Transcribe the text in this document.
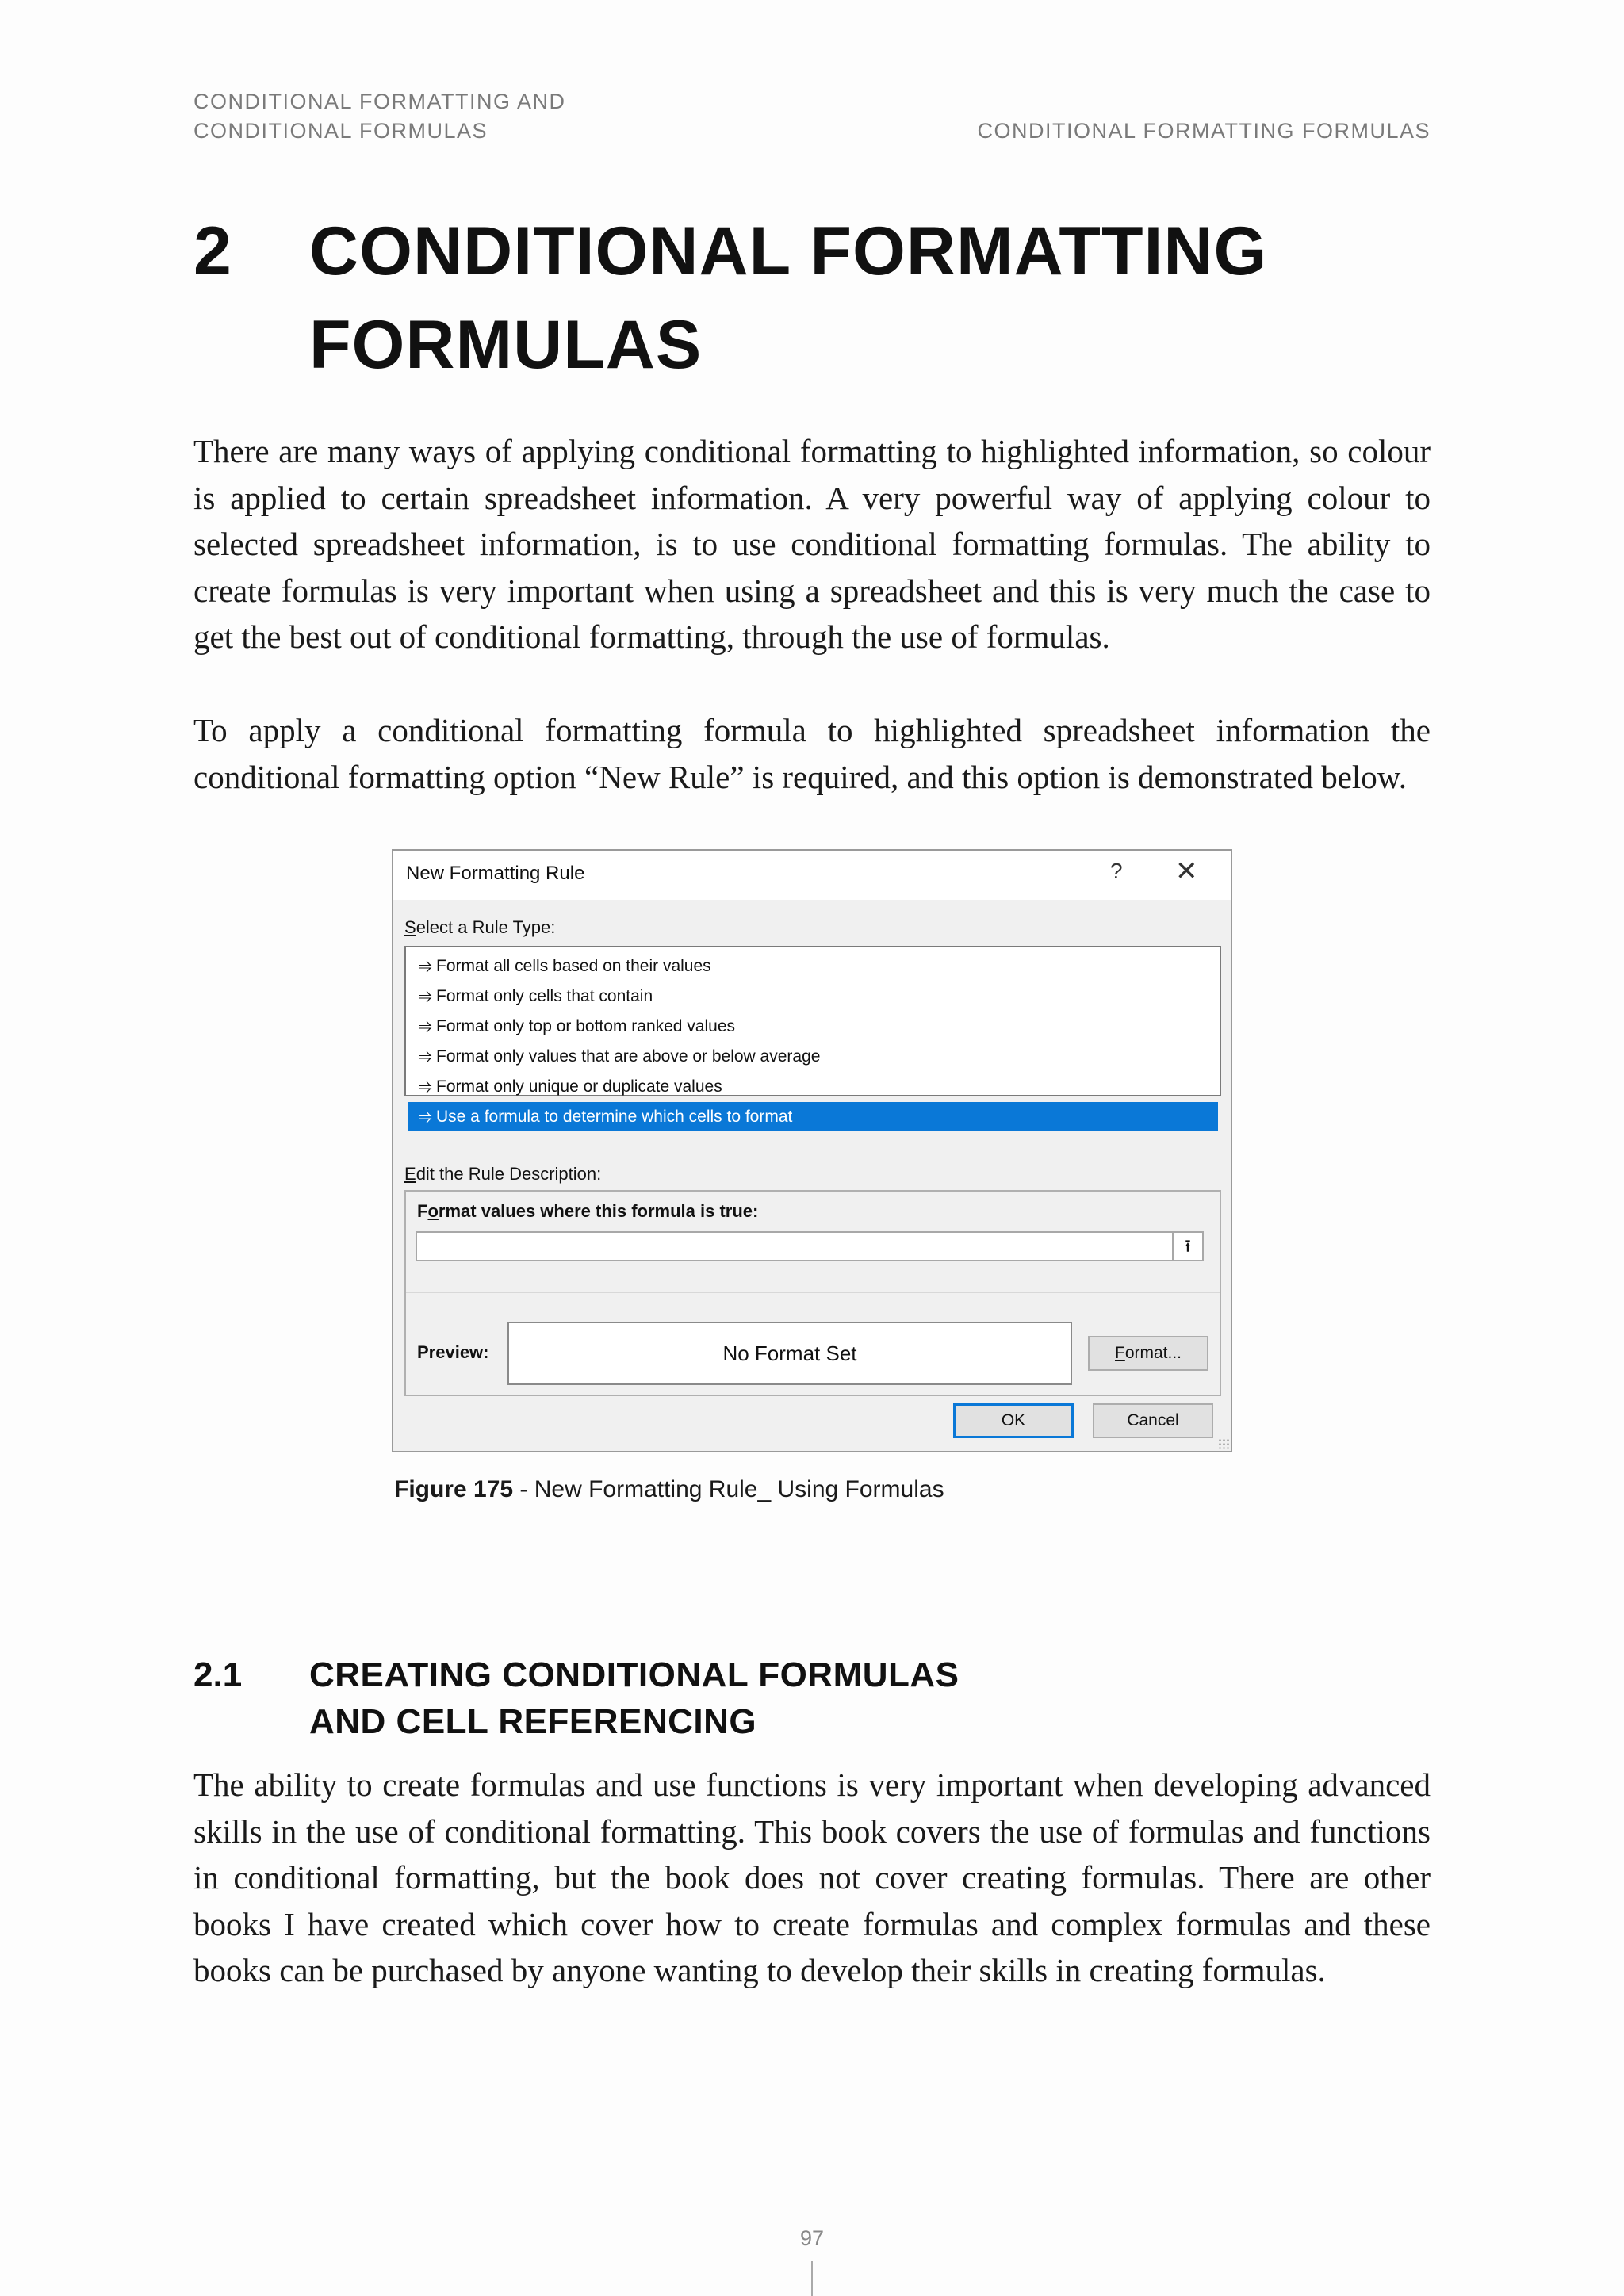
CONDITIONAL FORMATTING AND
CONDITIONAL FORMULAS	CONDITIONAL FORMATTING FORMULAS
2 CONDITIONAL FORMATTING FORMULAS

There are many ways of applying conditional formatting to highlighted information, so colour is applied to certain spreadsheet information. A very powerful way of applying colour to selected spreadsheet information, is to use conditional formatting formulas. The ability to create formulas is very important when using a spreadsheet and this is very much the case to get the best out of conditional formatting, through the use of formulas.

To apply a conditional formatting formula to highlighted spreadsheet information the conditional formatting option “New Rule” is required, and this option is demonstrated below.

New Formatting Rule	? ✕
Select a Rule Type:
⥤ Format all cells based on their values
⥤ Format only cells that contain
⥤ Format only top or bottom ranked values
⥤ Format only values that are above or below average
⥤ Format only unique or duplicate values
⥤ Use a formula to determine which cells to format
Edit the Rule Description:
Format values where this formula is true:
⭱
Preview:	No Format Set	Format...
OK	Cancel
Figure 175 - New Formatting Rule_ Using Formulas
2.1 CREATING CONDITIONAL FORMULAS
AND CELL REFERENCING

The ability to create formulas and use functions is very important when developing advanced skills in the use of conditional formatting. This book covers the use of formulas and functions in conditional formatting, but the book does not cover creating formulas. There are other books I have created which cover how to create formulas and complex formulas and these books can be purchased by anyone wanting to develop their skills in creating formulas.

97
